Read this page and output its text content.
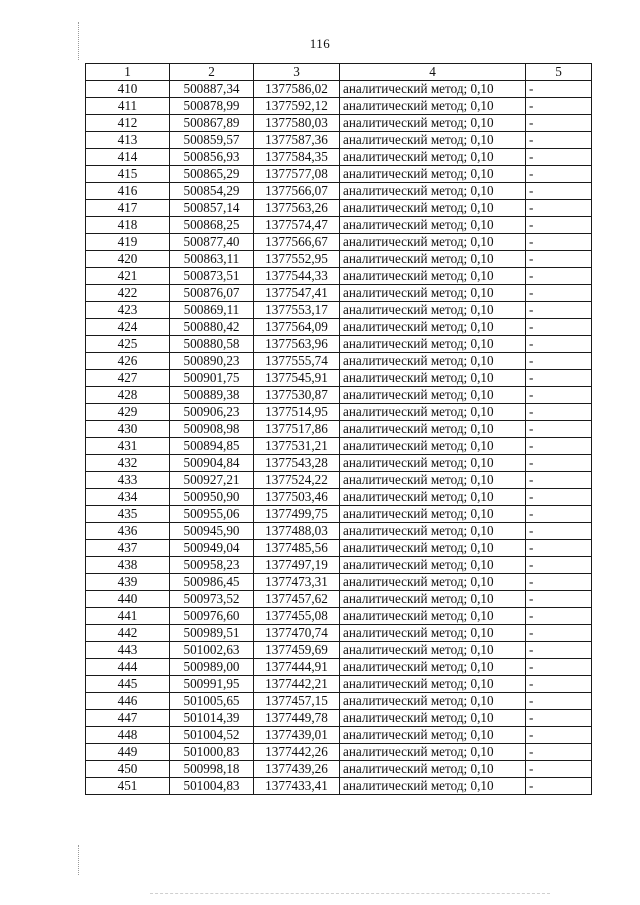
116
1	2	3	4	5
410	500887,34	1377586,02	аналитический метод; 0,10	-
411	500878,99	1377592,12	аналитический метод; 0,10	-
412	500867,89	1377580,03	аналитический метод; 0,10	-
413	500859,57	1377587,36	аналитический метод; 0,10	-
414	500856,93	1377584,35	аналитический метод; 0,10	-
415	500865,29	1377577,08	аналитический метод; 0,10	-
416	500854,29	1377566,07	аналитический метод; 0,10	-
417	500857,14	1377563,26	аналитический метод; 0,10	-
418	500868,25	1377574,47	аналитический метод; 0,10	-
419	500877,40	1377566,67	аналитический метод; 0,10	-
420	500863,11	1377552,95	аналитический метод; 0,10	-
421	500873,51	1377544,33	аналитический метод; 0,10	-
422	500876,07	1377547,41	аналитический метод; 0,10	-
423	500869,11	1377553,17	аналитический метод; 0,10	-
424	500880,42	1377564,09	аналитический метод; 0,10	-
425	500880,58	1377563,96	аналитический метод; 0,10	-
426	500890,23	1377555,74	аналитический метод; 0,10	-
427	500901,75	1377545,91	аналитический метод; 0,10	-
428	500889,38	1377530,87	аналитический метод; 0,10	-
429	500906,23	1377514,95	аналитический метод; 0,10	-
430	500908,98	1377517,86	аналитический метод; 0,10	-
431	500894,85	1377531,21	аналитический метод; 0,10	-
432	500904,84	1377543,28	аналитический метод; 0,10	-
433	500927,21	1377524,22	аналитический метод; 0,10	-
434	500950,90	1377503,46	аналитический метод; 0,10	-
435	500955,06	1377499,75	аналитический метод; 0,10	-
436	500945,90	1377488,03	аналитический метод; 0,10	-
437	500949,04	1377485,56	аналитический метод; 0,10	-
438	500958,23	1377497,19	аналитический метод; 0,10	-
439	500986,45	1377473,31	аналитический метод; 0,10	-
440	500973,52	1377457,62	аналитический метод; 0,10	-
441	500976,60	1377455,08	аналитический метод; 0,10	-
442	500989,51	1377470,74	аналитический метод; 0,10	-
443	501002,63	1377459,69	аналитический метод; 0,10	-
444	500989,00	1377444,91	аналитический метод; 0,10	-
445	500991,95	1377442,21	аналитический метод; 0,10	-
446	501005,65	1377457,15	аналитический метод; 0,10	-
447	501014,39	1377449,78	аналитический метод; 0,10	-
448	501004,52	1377439,01	аналитический метод; 0,10	-
449	501000,83	1377442,26	аналитический метод; 0,10	-
450	500998,18	1377439,26	аналитический метод; 0,10	-
451	501004,83	1377433,41	аналитический метод; 0,10	-
